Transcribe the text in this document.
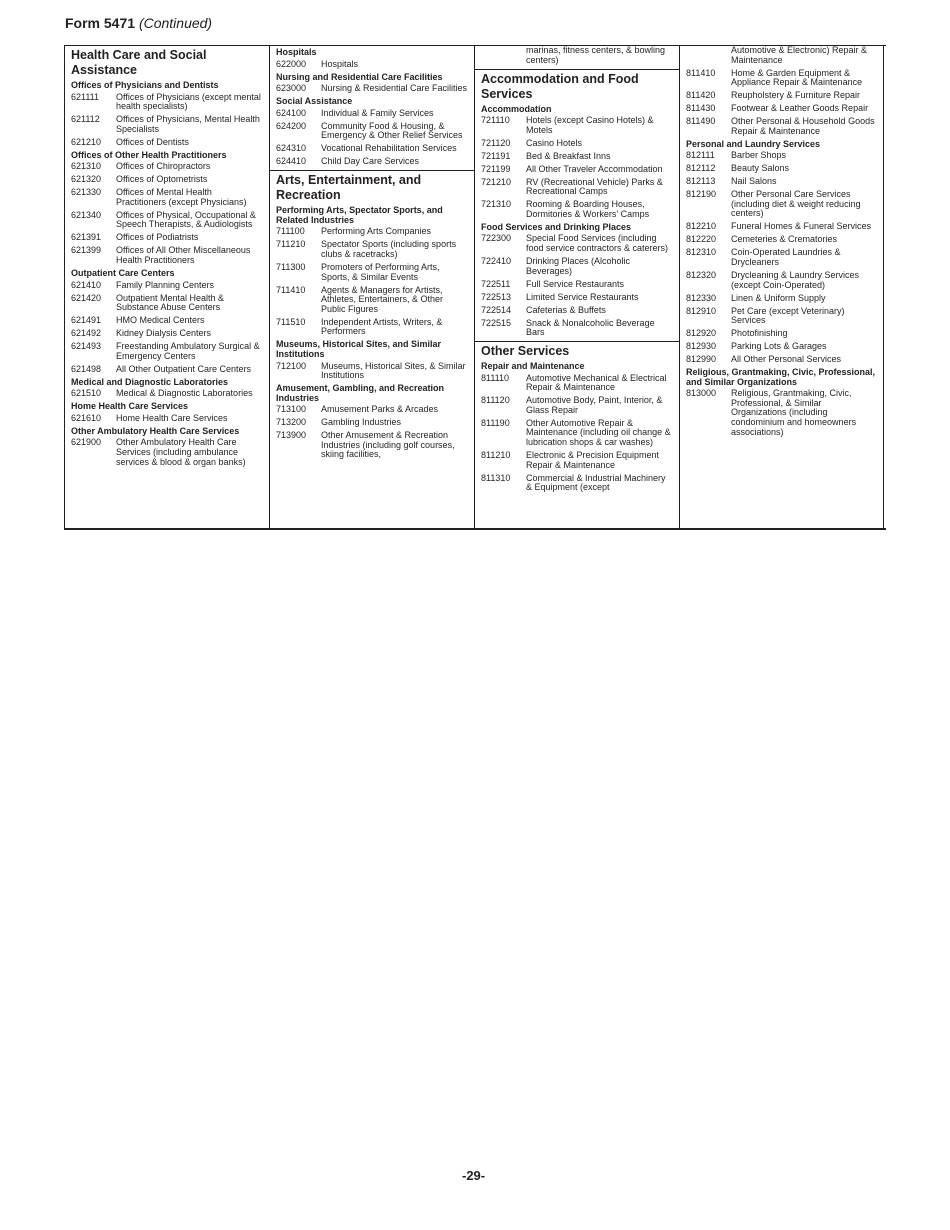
Form 5471 (Continued)
Health Care and Social Assistance
Offices of Physicians and Dentists
621111	Offices of Physicians (except mental health specialists)
621112	Offices of Physicians, Mental Health Specialists
621210	Offices of Dentists
Offices of Other Health Practitioners
621310	Offices of Chiropractors
621320	Offices of Optometrists
621330	Offices of Mental Health Practitioners (except Physicians)
621340	Offices of Physical, Occupational & Speech Therapists, & Audiologists
621391	Offices of Podiatrists
621399	Offices of All Other Miscellaneous Health Practitioners
Outpatient Care Centers
621410	Family Planning Centers
621420	Outpatient Mental Health & Substance Abuse Centers
621491	HMO Medical Centers
621492	Kidney Dialysis Centers
621493	Freestanding Ambulatory Surgical & Emergency Centers
621498	All Other Outpatient Care Centers
Medical and Diagnostic Laboratories
621510	Medical & Diagnostic Laboratories
Home Health Care Services
621610	Home Health Care Services
Other Ambulatory Health Care Services
621900	Other Ambulatory Health Care Services (including ambulance services & blood & organ banks)
Hospitals
622000	Hospitals
Nursing and Residential Care Facilities
623000	Nursing & Residential Care Facilities
Social Assistance
624100	Individual & Family Services
624200	Community Food & Housing, & Emergency & Other Relief Services
624310	Vocational Rehabilitation Services
624410	Child Day Care Services
Arts, Entertainment, and Recreation
Performing Arts, Spectator Sports, and Related Industries
711100	Performing Arts Companies
711210	Spectator Sports (including sports clubs & racetracks)
711300	Promoters of Performing Arts, Sports, & Similar Events
711410	Agents & Managers for Artists, Athletes, Entertainers, & Other Public Figures
711510	Independent Artists, Writers, & Performers
Museums, Historical Sites, and Similar Institutions
712100	Museums, Historical Sites, & Similar Institutions
Amusement, Gambling, and Recreation Industries
713100	Amusement Parks & Arcades
713200	Gambling Industries
713900	Other Amusement & Recreation Industries (including golf courses, skiing facilities,
marinas, fitness centers, & bowling centers)
Accommodation and Food Services
Accommodation
721110	Hotels (except Casino Hotels) & Motels
721120	Casino Hotels
721191	Bed & Breakfast Inns
721199	All Other Traveler Accommodation
721210	RV (Recreational Vehicle) Parks & Recreational Camps
721310	Rooming & Boarding Houses, Dormitories & Workers' Camps
Food Services and Drinking Places
722300	Special Food Services (including food service contractors & caterers)
722410	Drinking Places (Alcoholic Beverages)
722511	Full Service Restaurants
722513	Limited Service Restaurants
722514	Cafeterias & Buffets
722515	Snack & Nonalcoholic Beverage Bars
Other Services
Repair and Maintenance
811110	Automotive Mechanical & Electrical Repair & Maintenance
811120	Automotive Body, Paint, Interior, & Glass Repair
811190	Other Automotive Repair & Maintenance (including oil change & lubrication shops & car washes)
811210	Electronic & Precision Equipment Repair & Maintenance
811310	Commercial & Industrial Machinery & Equipment (except
Automotive & Electronic) Repair & Maintenance
811410	Home & Garden Equipment & Appliance Repair & Maintenance
811420	Reupholstery & Furniture Repair
811430	Footwear & Leather Goods Repair
811490	Other Personal & Household Goods Repair & Maintenance
Personal and Laundry Services
812111	Barber Shops
812112	Beauty Salons
812113	Nail Salons
812190	Other Personal Care Services (including diet & weight reducing centers)
812210	Funeral Homes & Funeral Services
812220	Cemeteries & Crematories
812310	Coin-Operated Laundries & Drycleaners
812320	Drycleaning & Laundry Services (except Coin-Operated)
812330	Linen & Uniform Supply
812910	Pet Care (except Veterinary) Services
812920	Photofinishing
812930	Parking Lots & Garages
812990	All Other Personal Services
Religious, Grantmaking, Civic, Professional, and Similar Organizations
813000	Religious, Grantmaking, Civic, Professional, & Similar Organizations (including condominium and homeowners associations)
-29-
